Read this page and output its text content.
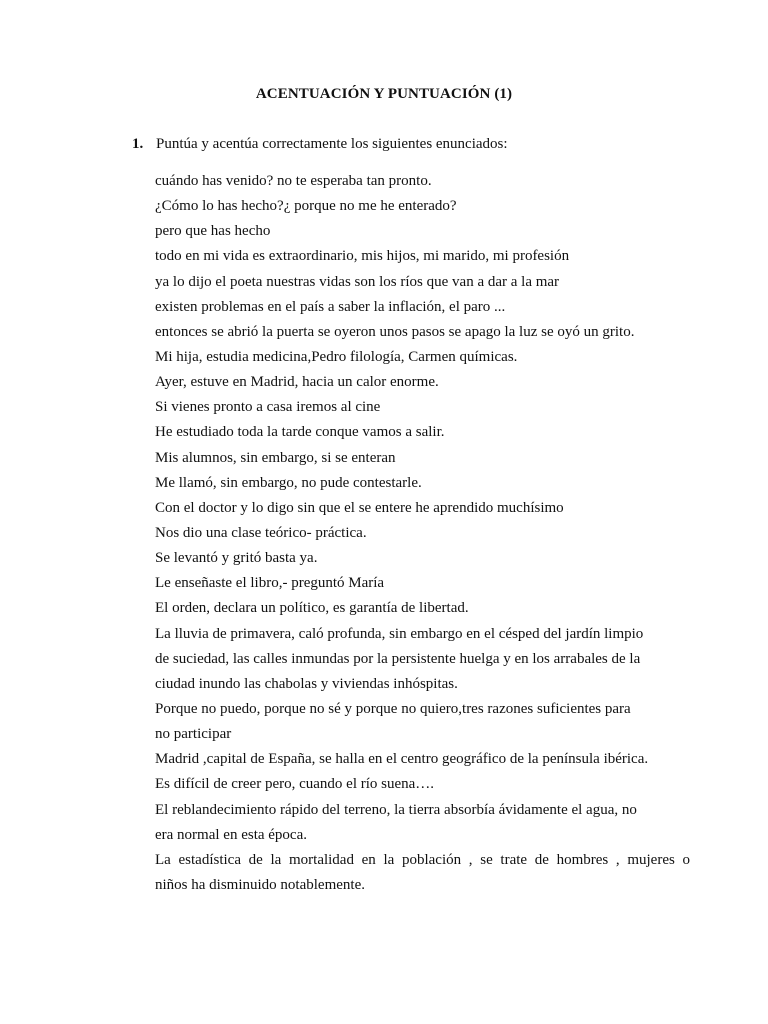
ACENTUACIÓN Y PUNTUACIÓN (1)
1. Puntúa y acentúa correctamente los siguientes enunciados:
cuándo has venido? no te esperaba tan pronto.
¿Cómo lo has hecho?¿ porque no me he enterado?
pero que has hecho
todo en mi vida es extraordinario, mis hijos, mi marido, mi profesión
ya lo dijo el poeta nuestras vidas son los ríos que van a dar a la mar
existen problemas en el país a saber la inflación, el paro ...
entonces se abrió la puerta se oyeron unos pasos se apago la luz se oyó un grito.
Mi hija, estudia medicina,Pedro filología, Carmen químicas.
Ayer, estuve en Madrid, hacia un calor enorme.
Si vienes pronto a casa iremos al cine
He estudiado toda la tarde conque vamos a salir.
Mis alumnos, sin embargo, si se enteran
Me llamó, sin embargo, no pude contestarle.
Con el doctor y lo digo sin que el se entere he aprendido muchísimo
Nos dio una clase teórico- práctica.
Se levantó y gritó basta ya.
Le enseñaste el libro,- preguntó María
El orden, declara un político, es garantía de libertad.
La lluvia de primavera, caló profunda, sin embargo en el césped del jardín limpio
de suciedad, las calles inmundas por la persistente huelga y en los arrabales de la
ciudad inundo las chabolas y viviendas inhóspitas.
Porque no puedo, porque no sé y porque no quiero,tres razones suficientes para
no participar
Madrid ,capital de España, se halla en el centro geográfico de la península ibérica.
Es difícil de creer pero, cuando el río suena….
El reblandecimiento rápido del terreno, la tierra absorbía ávidamente el agua, no
era normal en esta época.
La estadística de la mortalidad en la población , se trate de hombres , mujeres o
niños ha disminuido notablemente.
